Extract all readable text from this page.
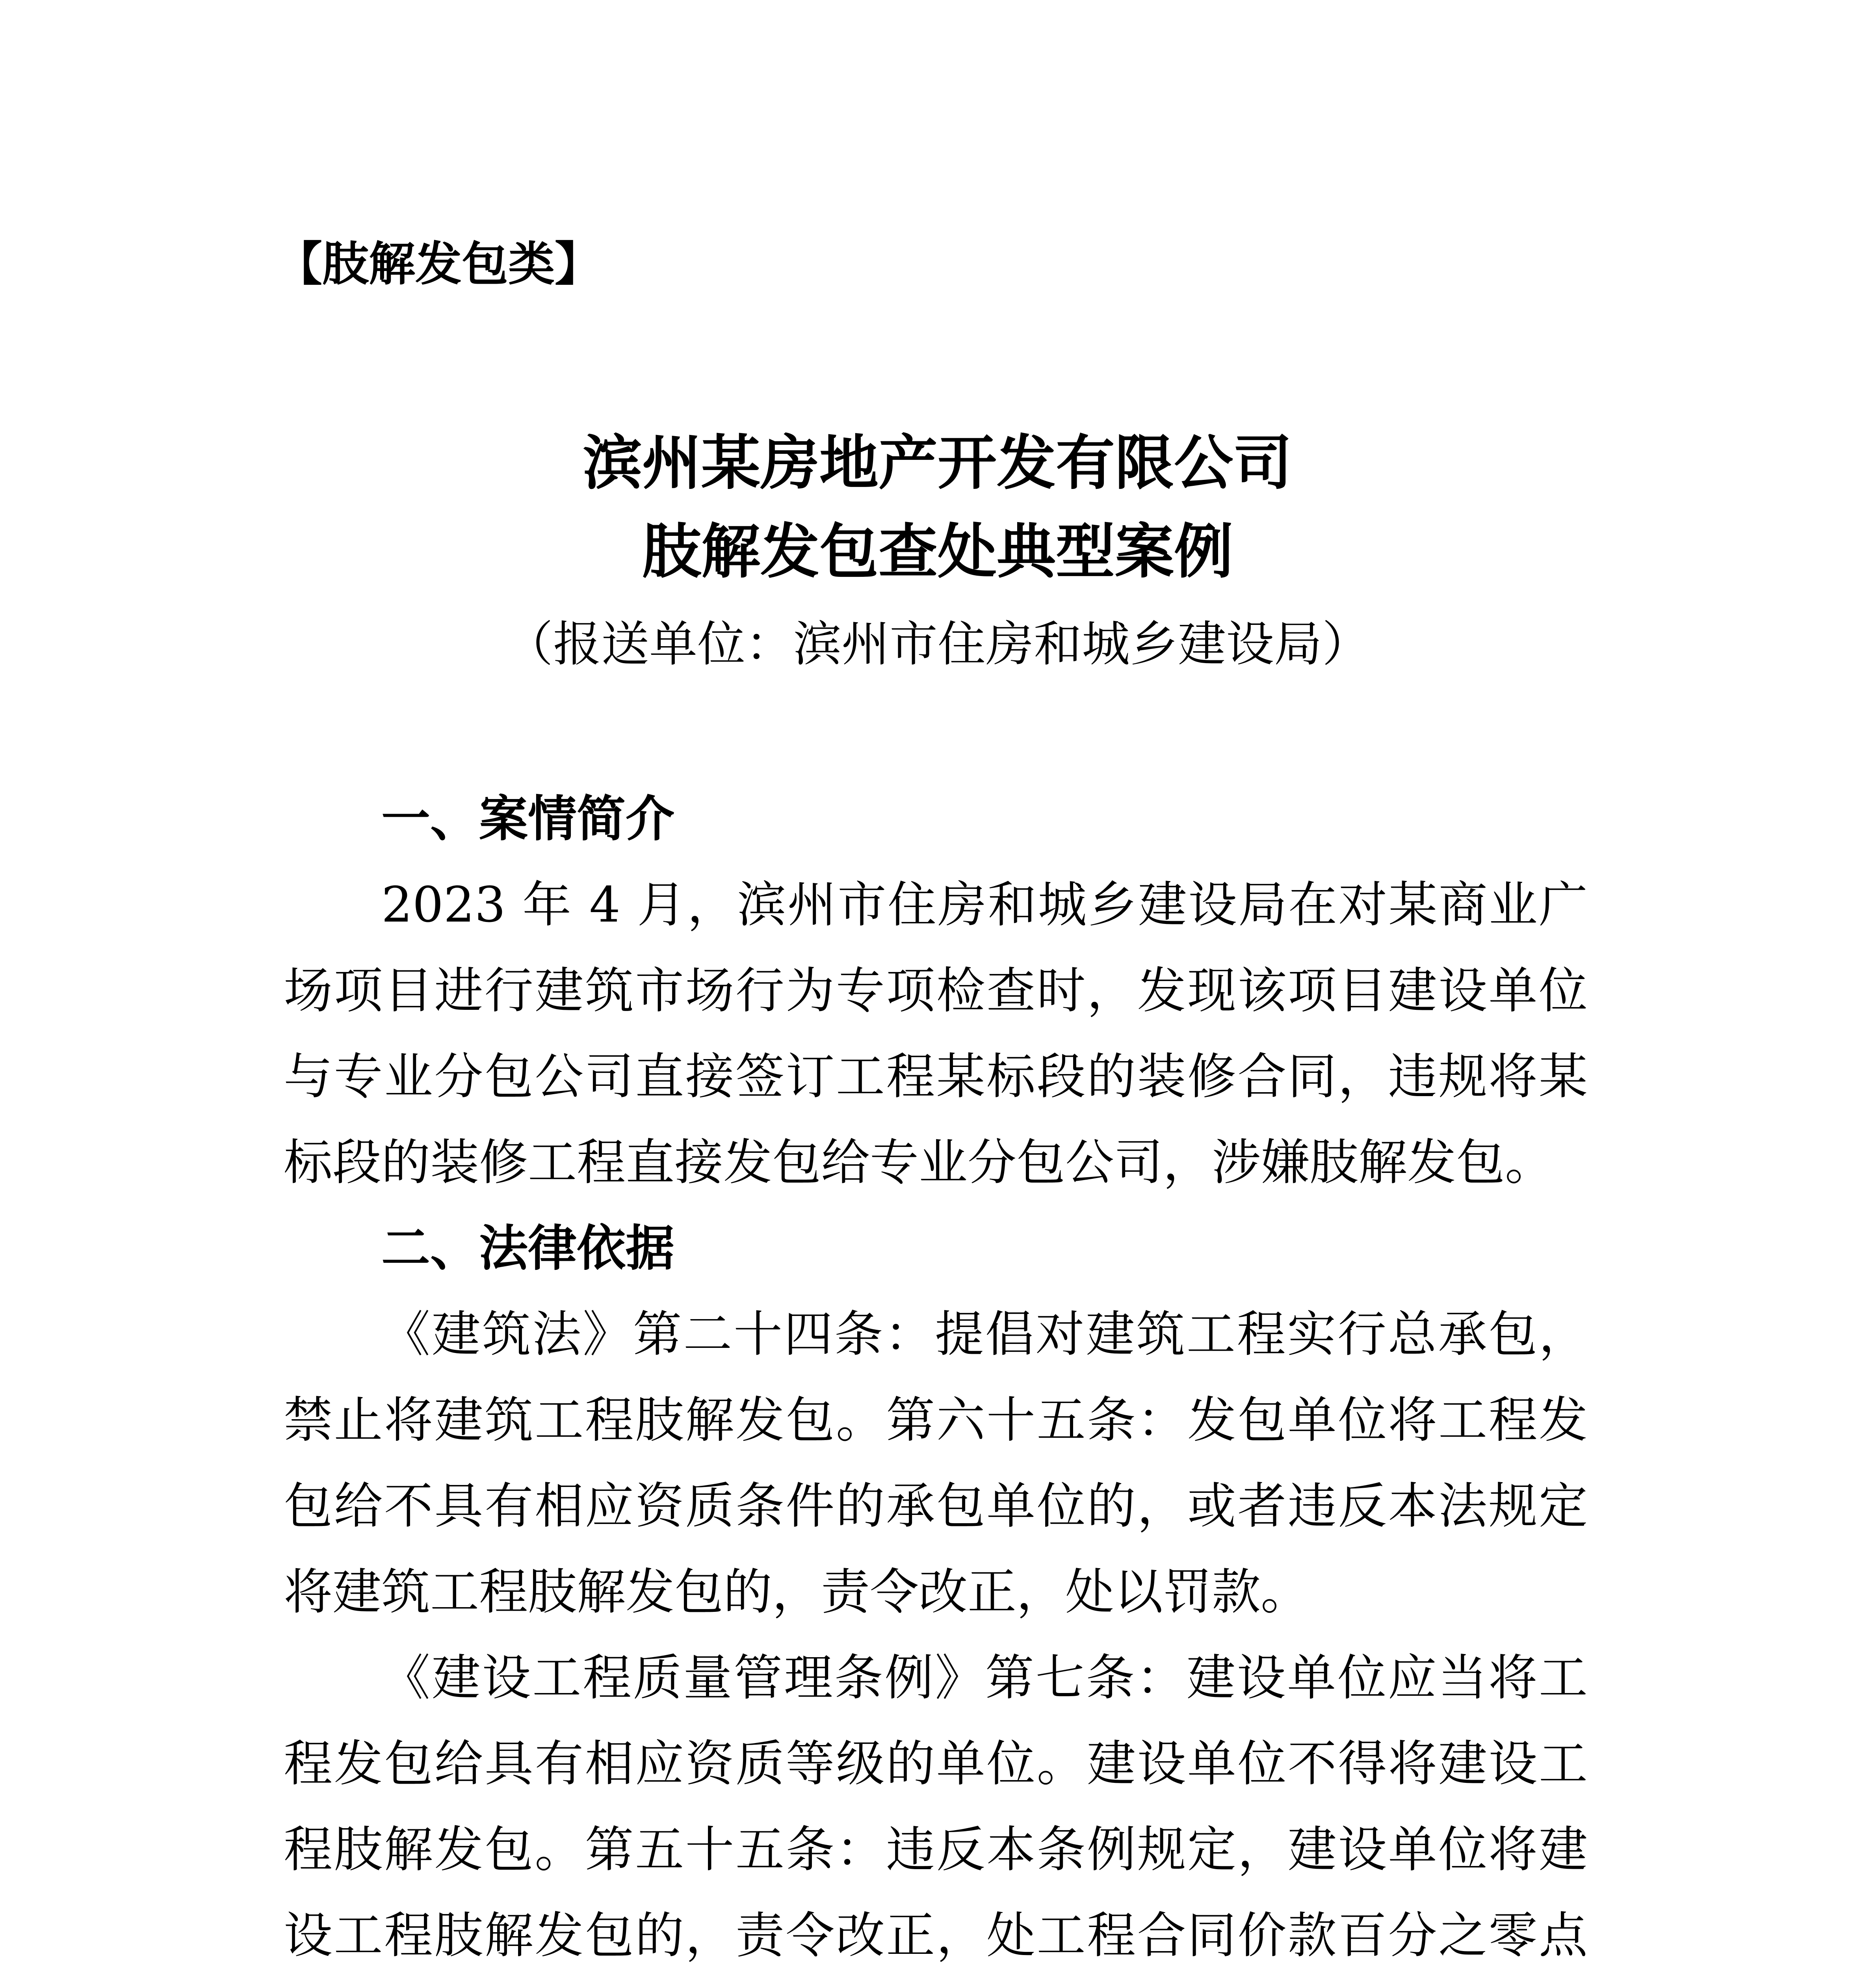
【肢解发包类】
滨州某房地产开发有限公司
肢解发包查处典型案例
（报送单位：滨州市住房和城乡建设局）
一、案情简介

2023 年 4 月，滨州市住房和城乡建设局在对某商业广场项目进行建筑市场行为专项检查时，发现该项目建设单位与专业分包公司直接签订工程某标段的装修合同，违规将某标段的装修工程直接发包给专业分包公司，涉嫌肢解发包。

二、法律依据

《建筑法》第二十四条：提倡对建筑工程实行总承包，禁止将建筑工程肢解发包。第六十五条：发包单位将工程发包给不具有相应资质条件的承包单位的，或者违反本法规定将建筑工程肢解发包的，责令改正，处以罚款。

《建设工程质量管理条例》第七条：建设单位应当将工程发包给具有相应资质等级的单位。建设单位不得将建设工程肢解发包。第五十五条：违反本条例规定，建设单位将建设工程肢解发包的，责令改正，处工程合同价款百分之零点
